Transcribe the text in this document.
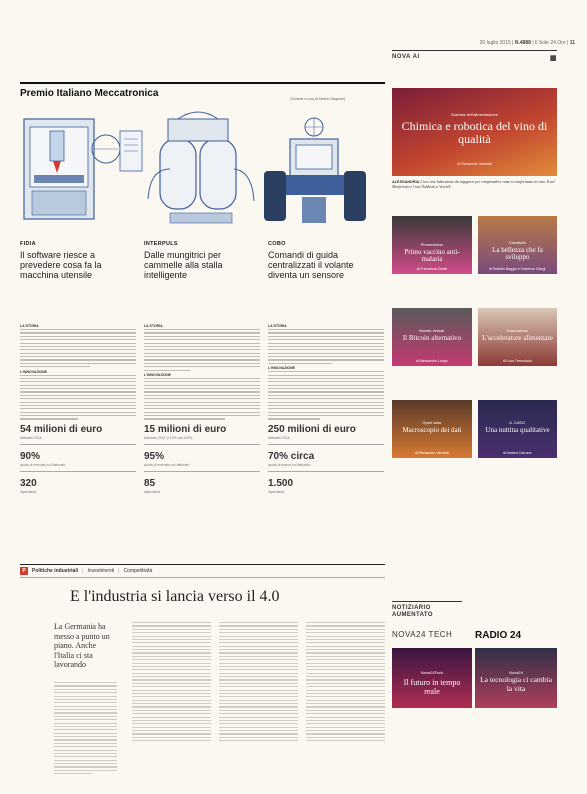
26 luglio 2015 | N.4888 | Il Sole 24 Ore | 11
Premio Italiano Meccatronica	[Schede a cura di Alberto Magnani]
FIDIA
Il software riesce a prevedere cosa fa la macchina utensile
LA STORIA
L'INNOVAZIONE
54 milioni di euro
fatturato 2016
90%
quota di mercato sul fatturato
320
dipendenti
INTERPULS
Dalle mungitrici per cammelle alla stalla intelligente
LA STORIA
L'INNOVAZIONE
15 milioni di euro
fatturato 2016 (+10% dal 2009)
95%
quota di mercato sul fatturato
85
dipendenti
COBO
Comandi di guida centralizzati il volante diventa un sensore
LA STORIA
L'INNOVAZIONE
250 milioni di euro
fatturato 2016
70% circa
quota di export sul fatturato
1.500
dipendenti
P	Politiche industriali | Investimenti | Competitività
E l'industria si lancia verso il 4.0
La Germania ha messo a punto un piano. Anche l'Italia ci sta lavorando
NOVA AI	▦
Scienza dell'alimentazione
Chimica e robotica del vino di qualità
di Piersandro Vernoldi
ALESSANDRIA L'uve rese laboratorio da ingegneri per comprendere come si trasformano in vino. Il nel Monferrato e l'uva Nebbiolo a Vercelli
Prevenzione
Primo vaccino anti-malaria
di Francesca Cerati
Creatività
La bellezza che fa sviluppo
di Rodolfo Baggio e Vincenzo Giorgi
Mondo virtuali
Il Bitcoin alternativo
di Alessandro Longo
Innovazione
L'acceleratore alimentare
di Luca Tremolada
Open data
Macroscopio dei dati
di Piersandro Vernoldi
IL CASO
Una nuttina qualitative
di Andrea Carrone
NOTIZIARIO AUMENTATO
NOVA24 TECH
Nova24Tech
Il futuro in tempo reale
RADIO 24
Nova24
La tecnologia ci cambia la vita
